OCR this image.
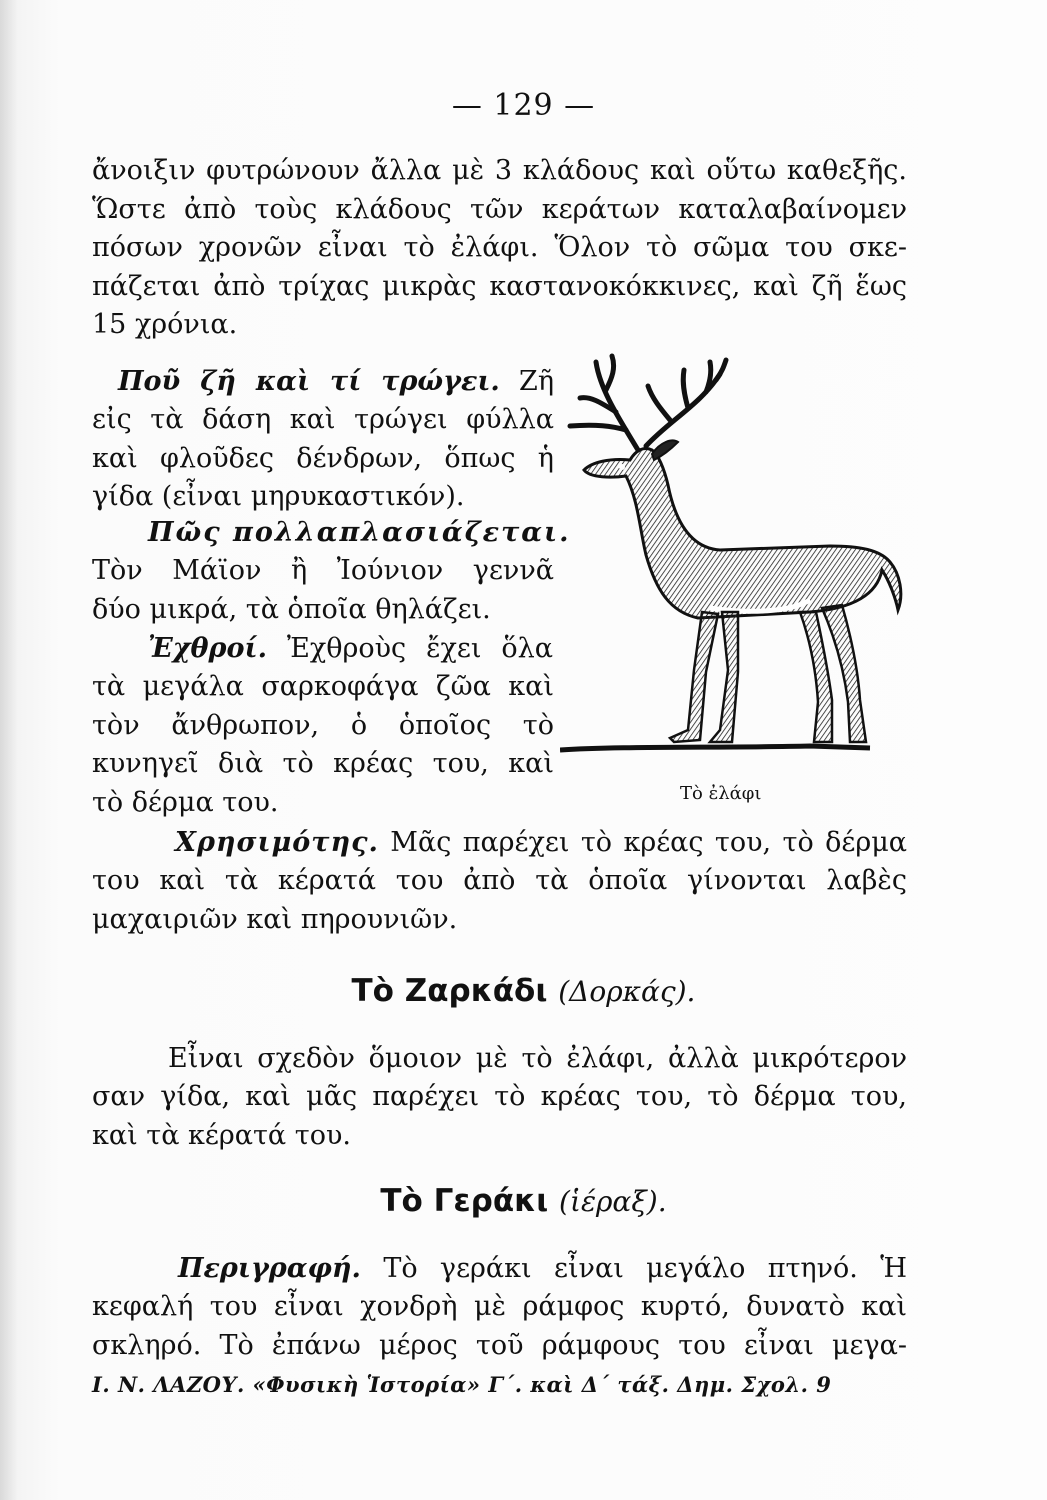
— 129 —
ἄνοιξιν φυτρώνουν ἄλλα μὲ 3 κλάδους καὶ οὕτω καθεξῆς.
Ὥστε ἀπὸ τοὺς κλάδους τῶν κεράτων καταλαβαίνομεν
πόσων χρονῶν εἶναι τὸ ἐλάφι. Ὅλον τὸ σῶμα του σκε-
πάζεται ἀπὸ τρίχας μικρὰς καστανοκόκκινες, καὶ ζῆ ἕως
15 χρόνια.
Ποῦ ζῆ καὶ τί τρώγει. Ζῆ
εἰς τὰ δάση καὶ τρώγει φύλλα
καὶ φλοῦδες δένδρων, ὅπως ἡ
γίδα (εἶναι μηρυκαστικόν).
Πῶς πολλαπλασιάζεται.
Τὸν Μάϊον ἢ Ἰούνιον γεννᾶ
δύο μικρά, τὰ ὁποῖα θηλάζει.
Ἐχθροί. Ἐχθροὺς ἔχει ὅλα
τὰ μεγάλα σαρκοφάγα ζῶα καὶ
τὸν ἄνθρωπον, ὁ ὁποῖος τὸ
κυνηγεῖ διὰ τὸ κρέας του, καὶ
τὸ δέρμα του.	Τὸ ἐλάφι
Χρησιμότης. Μᾶς παρέχει τὸ κρέας του, τὸ δέρμα
του καὶ τὰ κέρατά του ἀπὸ τὰ ὁποῖα γίνονται λαβὲς
μαχαιριῶν καὶ πηρουνιῶν.
Τὸ Ζαρκάδι (Δορκάς).
Εἶναι σχεδὸν ὅμοιον μὲ τὸ ἐλάφι, ἀλλὰ μικρότερον
σαν γίδα, καὶ μᾶς παρέχει τὸ κρέας του, τὸ δέρμα του,
καὶ τὰ κέρατά του.
Τὸ Γεράκι (ἱέραξ).
Περιγραφή. Τὸ γεράκι εἶναι μεγάλο πτηνό. Ἡ
κεφαλή του εἶναι χονδρὴ μὲ ράμφος κυρτό, δυνατὸ καὶ
σκληρό. Τὸ ἐπάνω μέρος τοῦ ράμφους του εἶναι μεγα-
Ι. Ν. ΛΑΖΟΥ. «Φυσικὴ Ἱστορία» Γ΄. καὶ Δ΄ τάξ. Δημ. Σχολ. 9
